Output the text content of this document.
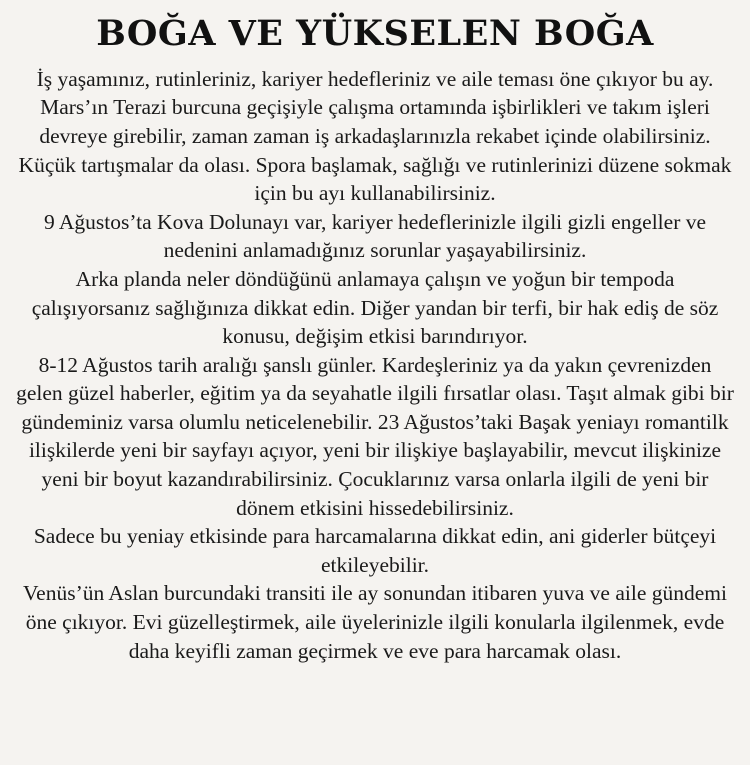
BOĞA VE YÜKSELEN BOĞA

İş yaşamınız, rutinleriniz, kariyer hedefleriniz ve aile teması öne çıkıyor bu ay. Mars’ın Terazi burcuna geçişiyle çalışma ortamında işbirlikleri ve takım işleri devreye girebilir, zaman zaman iş arkadaşlarınızla rekabet içinde olabilirsiniz. Küçük tartışmalar da olası. Spora başlamak, sağlığı ve rutinlerinizi düzene sokmak için bu ayı kullanabilirsiniz.

9 Ağustos’ta Kova Dolunayı var, kariyer hedeflerinizle ilgili gizli engeller ve nedenini anlamadığınız sorunlar yaşayabilirsiniz.

Arka planda neler döndüğünü anlamaya çalışın ve yoğun bir tempoda çalışıyorsanız sağlığınıza dikkat edin. Diğer yandan bir terfi, bir hak ediş de söz konusu, değişim etkisi barındırıyor.

8-12 Ağustos tarih aralığı şanslı günler. Kardeşleriniz ya da yakın çevrenizden gelen güzel haberler, eğitim ya da seyahatle ilgili fırsatlar olası. Taşıt almak gibi bir gündeminiz varsa olumlu neticelenebilir. 23 Ağustos’taki Başak yeniayı romantilk ilişkilerde yeni bir sayfayı açıyor, yeni bir ilişkiye başlayabilir, mevcut ilişkinize yeni bir boyut kazandırabilirsiniz. Çocuklarınız varsa onlarla ilgili de yeni bir dönem etkisini hissedebilirsiniz.

Sadece bu yeniay etkisinde para harcamalarına dikkat edin, ani giderler bütçeyi etkileyebilir.

Venüs’ün Aslan burcundaki transiti ile ay sonundan itibaren yuva ve aile gündemi öne çıkıyor. Evi güzelleştirmek, aile üyelerinizle ilgili konularla ilgilenmek, evde daha keyifli zaman geçirmek ve eve para harcamak olası.
